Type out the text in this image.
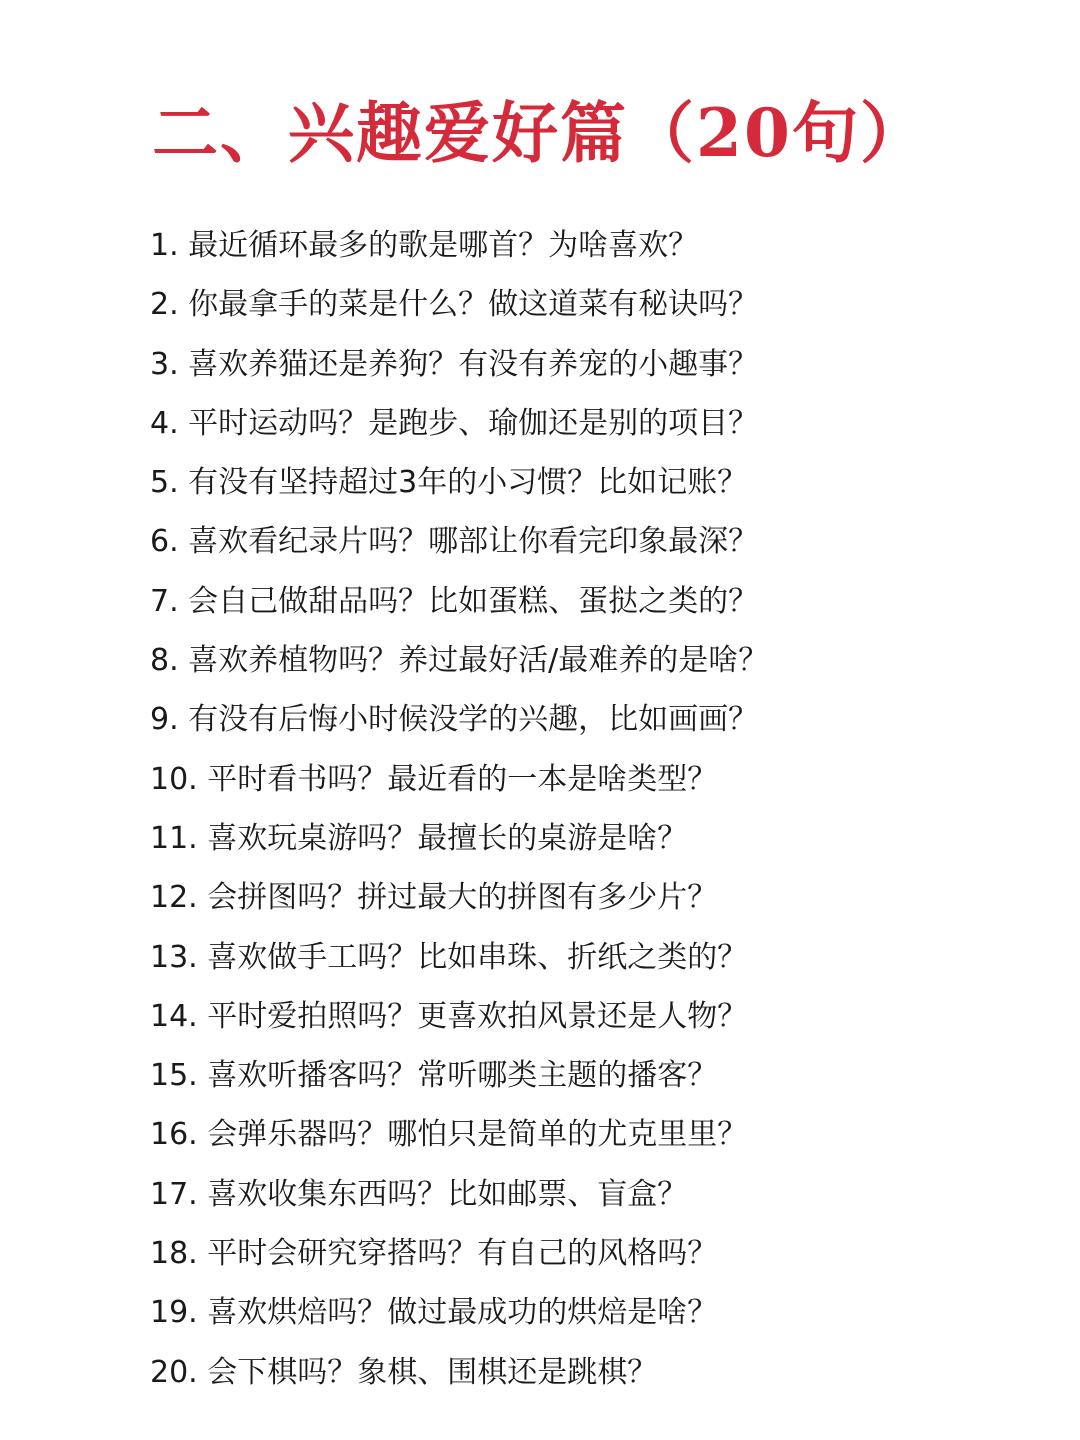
二、兴趣爱好篇（20句）
1. 最近循环最多的歌是哪首？为啥喜欢？
2. 你最拿手的菜是什么？做这道菜有秘诀吗？
3. 喜欢养猫还是养狗？有没有养宠的小趣事？
4. 平时运动吗？是跑步、瑜伽还是别的项目？
5. 有没有坚持超过3年的小习惯？比如记账？
6. 喜欢看纪录片吗？哪部让你看完印象最深？
7. 会自己做甜品吗？比如蛋糕、蛋挞之类的？
8. 喜欢养植物吗？养过最好活/最难养的是啥？
9. 有没有后悔小时候没学的兴趣，比如画画？
10. 平时看书吗？最近看的一本是啥类型？
11. 喜欢玩桌游吗？最擅长的桌游是啥？
12. 会拼图吗？拼过最大的拼图有多少片？
13. 喜欢做手工吗？比如串珠、折纸之类的？
14. 平时爱拍照吗？更喜欢拍风景还是人物？
15. 喜欢听播客吗？常听哪类主题的播客？
16. 会弹乐器吗？哪怕只是简单的尤克里里？
17. 喜欢收集东西吗？比如邮票、盲盒？
18. 平时会研究穿搭吗？有自己的风格吗？
19. 喜欢烘焙吗？做过最成功的烘焙是啥？
20. 会下棋吗？象棋、围棋还是跳棋？
